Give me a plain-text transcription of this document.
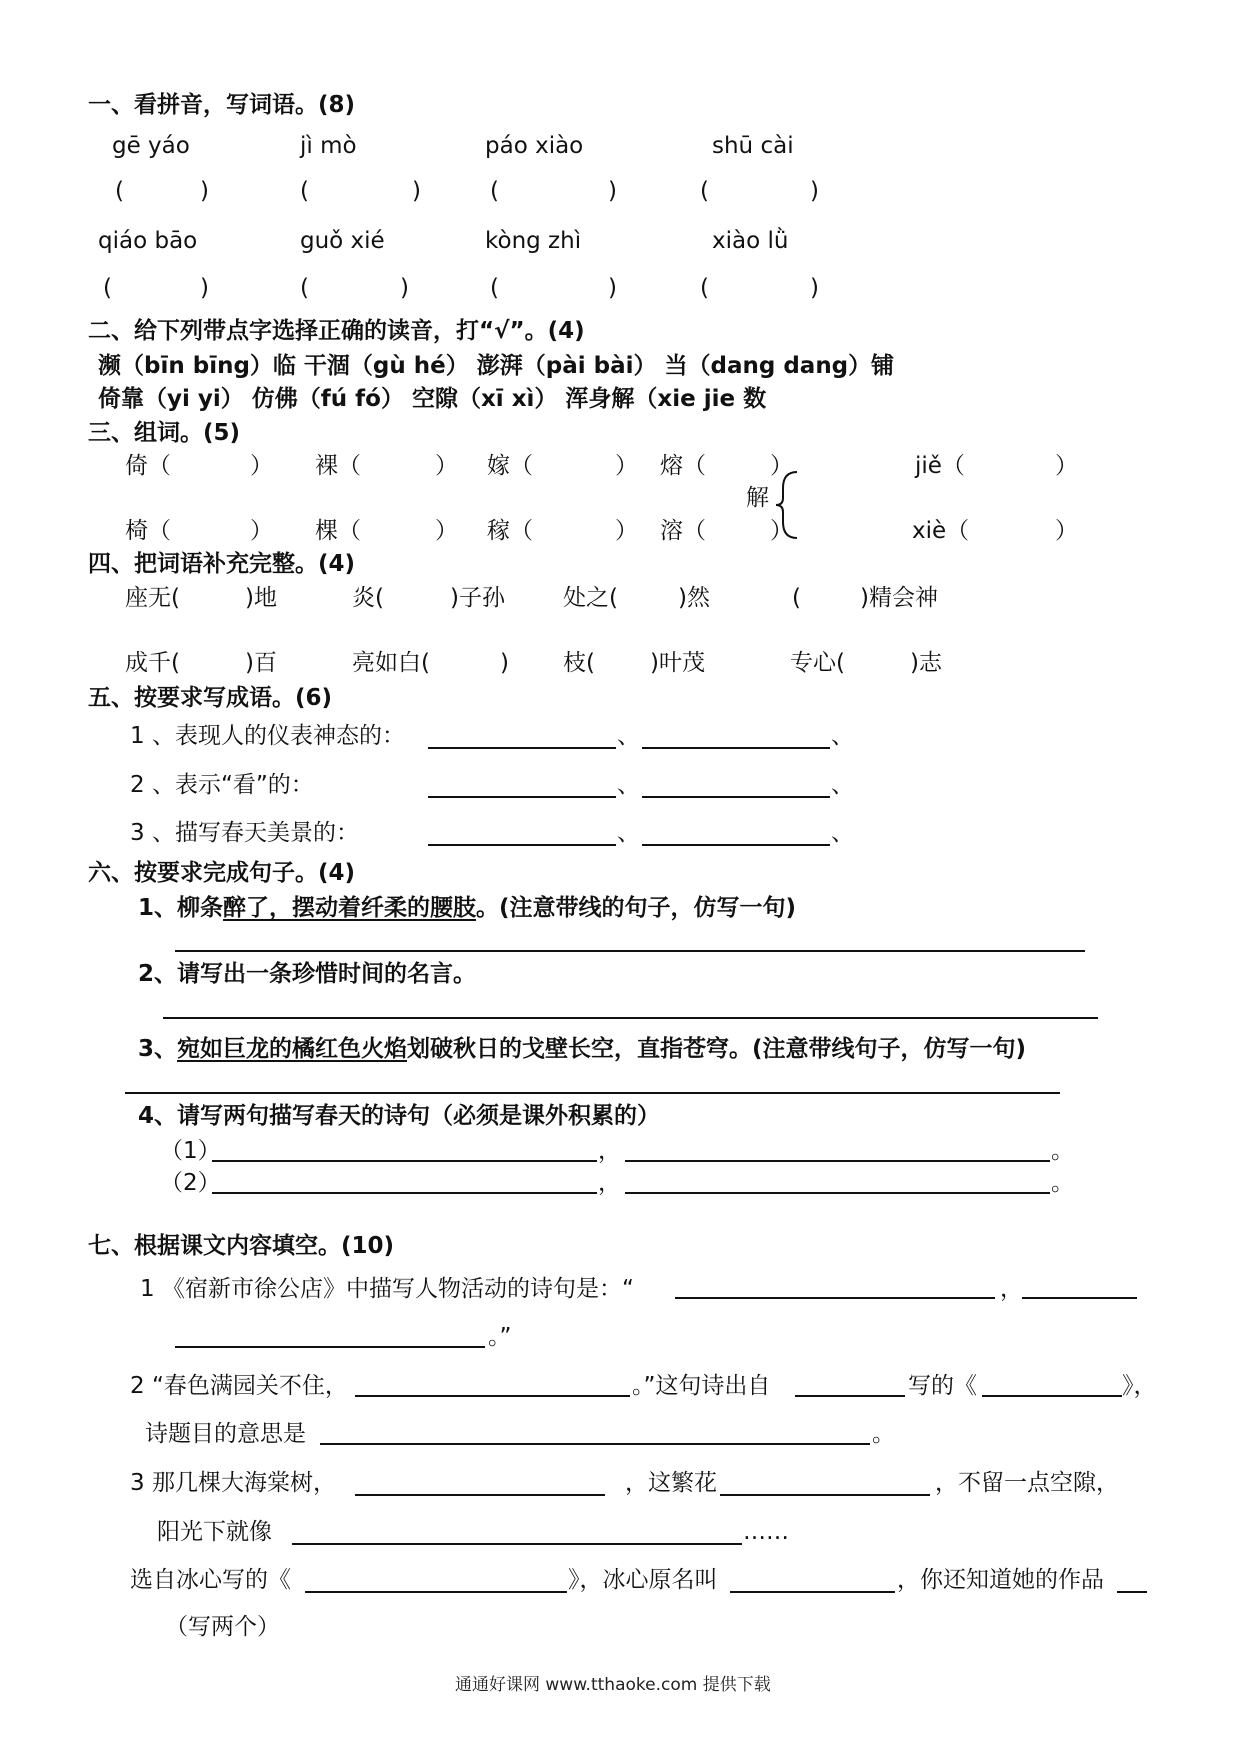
一、看拼音，写词语。(8)
gē yáo	jì mò	páo xiào	shū cài
(	)	(	)	(	)	(	)
qiáo bāo	guǒ xié	kòng zhì	xiào lǜ
(	)	(	)	(	)	(	)
二、给下列带点字选择正确的读音，打“√”。(4)
濒（bīn bīng）临 干涸（gù hé） 澎湃（pài bài） 当（dang dang）铺
倚靠（yi yi） 仿佛（fú fó） 空隙（xī xì） 浑身解（xie jie 数
三、组词。(5)
倚（	） 裸（	） 嫁（	） 熔（	）
椅（	） 棵（	） 稼（	） 溶（	）
解
jiě（	）
xiè（	）
四、把词语补充完整。(4)
座无(	)地	炎(	)子孙	处之(	)然	(	)精会神
成千(	)百	亮如白(	) 枝( )叶茂	专心(	)志
五、按要求写成语。(6)
1 、表现人的仪表神态的：	、	、
2 、表示“看”的：	、	、
3 、描写春天美景的：	、	、
六、按要求完成句子。(4)
1、柳条醉了，摆动着纤柔的腰肢。(注意带线的句子，仿写一句)
2、请写出一条珍惜时间的名言。
3、宛如巨龙的橘红色火焰划破秋日的戈壁长空，直指苍穹。(注意带线句子，仿写一句)
4、请写两句描写春天的诗句（必须是课外积累的）
（1）	，	。
（2）	，	。
七、根据课文内容填空。(10)
1 《宿新市徐公店》中描写人物活动的诗句是：“	，
。”
2 “春色满园关不住，	。”这句诗出自	写的《	》，
诗题目的意思是	。
3 那几棵大海棠树，	，这繁花	，不留一点空隙，
阳光下就像	……
选自冰心写的《	》，冰心原名叫	，你还知道她的作品
（写两个）
通通好课网 www.tthaoke.com 提供下载
